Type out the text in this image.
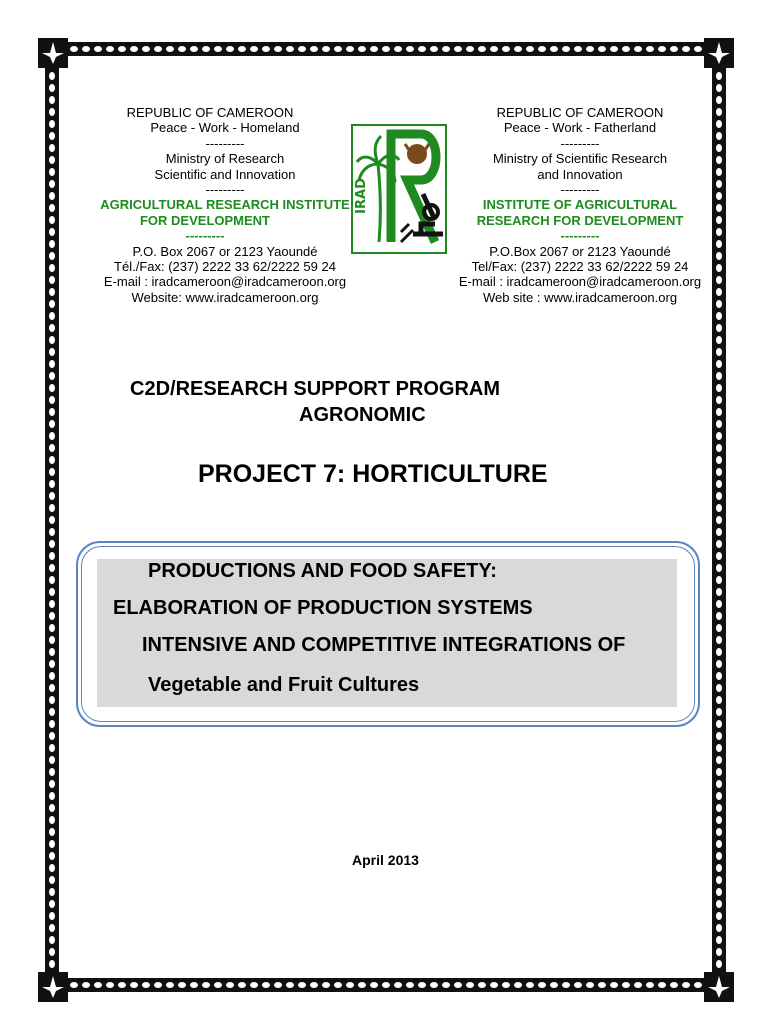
REPUBLIC OF CAMEROON
Peace - Work - Homeland
---------
Ministry of Research
Scientific and Innovation
---------
AGRICULTURAL RESEARCH INSTITUTE
FOR DEVELOPMENT
---------
P.O. Box 2067 or 2123 Yaoundé
Tél./Fax: (237) 2222 33 62/2222 59 24
E-mail : iradcameroon@iradcameroon.org
Website: www.iradcameroon.org
IRAD
REPUBLIC OF CAMEROON
Peace - Work - Fatherland
---------
Ministry of Scientific Research
and Innovation
---------
INSTITUTE OF AGRICULTURAL
RESEARCH FOR DEVELOPMENT
---------
P.O.Box 2067 or 2123 Yaoundé
Tel/Fax: (237) 2222 33 62/2222 59 24
E-mail : iradcameroon@iradcameroon.org
Web site : www.iradcameroon.org
C2D/RESEARCH SUPPORT PROGRAM
AGRONOMIC
PROJECT 7: HORTICULTURE
PRODUCTIONS AND FOOD SAFETY:
ELABORATION OF PRODUCTION SYSTEMS
INTENSIVE AND COMPETITIVE INTEGRATIONS OF
Vegetable and Fruit Cultures
April 2013
